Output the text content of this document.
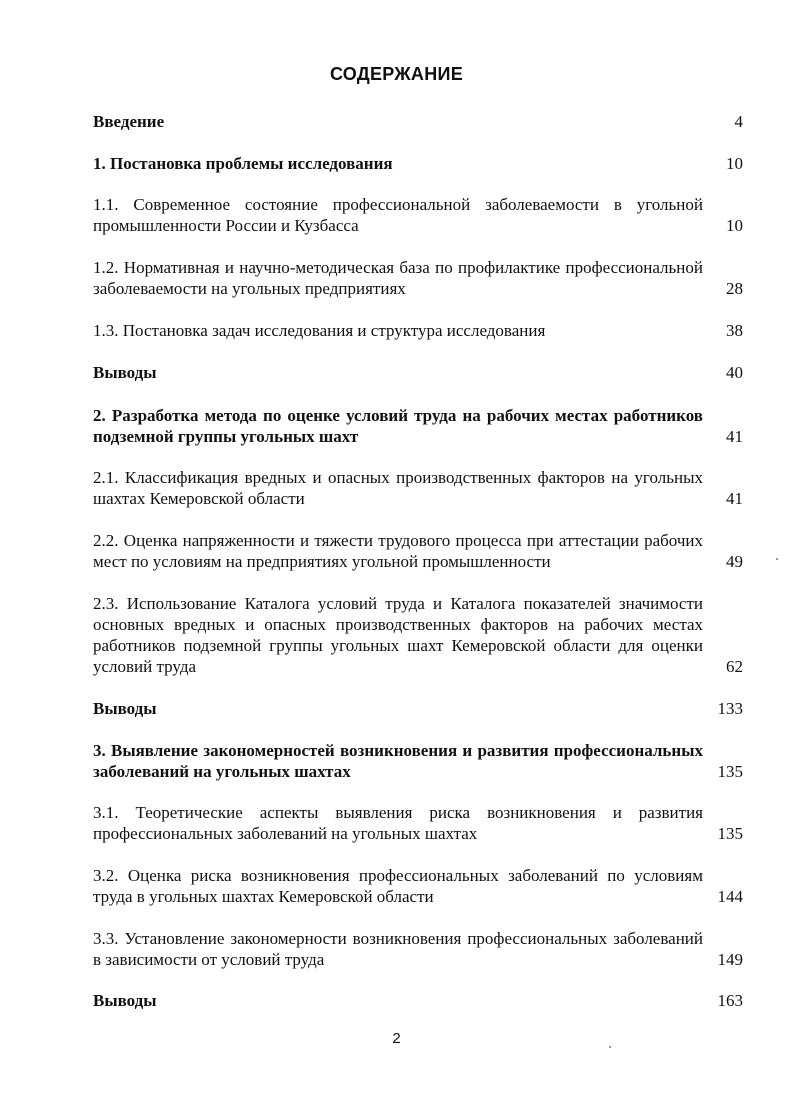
СОДЕРЖАНИЕ
Введение	4
1. Постановка проблемы исследования	10
1.1. Современное состояние профессиональной заболеваемости в угольной промышленности России и Кузбасса	10
1.2. Нормативная и научно-методическая база по профилактике профессиональной заболеваемости на угольных предприятиях	28
1.3. Постановка задач исследования и структура исследования	38
Выводы	40
2. Разработка метода по оценке условий труда на рабочих местах работников подземной группы угольных шахт	41
2.1. Классификация вредных и опасных производственных факторов на угольных шахтах Кемеровской области	41
2.2. Оценка напряженности и тяжести трудового процесса при аттестации рабочих мест по условиям на предприятиях угольной промышленности	49
2.3. Использование Каталога условий труда и Каталога показателей значимости основных вредных и опасных производственных факторов на рабочих местах работников подземной группы угольных шахт Кемеровской области для оценки условий труда	62
Выводы	133
3. Выявление закономерностей возникновения и развития профессиональных заболеваний на угольных шахтах	135
3.1. Теоретические аспекты выявления риска возникновения и развития профессиональных заболеваний на угольных шахтах	135
3.2. Оценка риска возникновения профессиональных заболеваний по условиям труда в угольных шахтах Кемеровской области	144
3.3. Установление закономерности возникновения профессиональных заболеваний в зависимости от условий труда	149
Выводы	163
2
